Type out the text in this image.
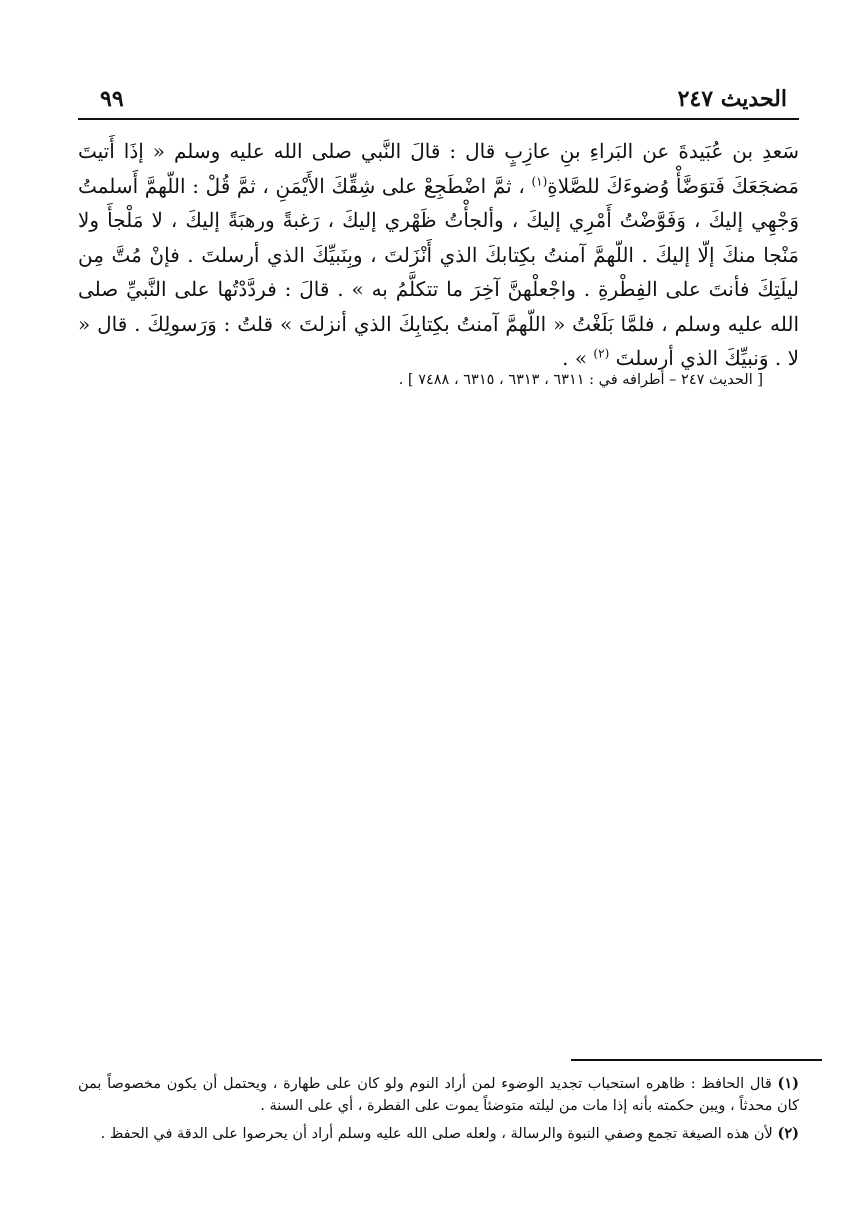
الحديث ٢٤٧
٩٩

سَعدِ بن عُبَيدةَ عن البَراءِ بنِ عازِبٍ قال : قالَ النَّبي صلى الله عليه وسلم « إذَا أَتيتَ مَضجَعَكَ فَتوَضَّأْ وُضوءَكَ للصَّلاةِ$^{(١)}$ ، ثمَّ اضْطَجِعْ على شِقِّكَ الأَيْمَنِ ، ثمَّ قُلْ : اللّهمَّ أَسلمتُ وَجْهِي إليكَ ، وَفَوَّضْتُ أَمْرِي إليكَ ، وألجأْتُ ظَهْري إليكَ ، رَغبةً ورهبَةً إليكَ ، لا مَلْجأَ ولا مَنْجا منكَ إلّا إليكَ . اللّهمَّ آمنتُ بكِتابكَ الذي أَنْزَلتَ ، وبِنَبيِّكَ الذي أرسلتَ . فإنْ مُتَّ مِن ليلَتِكَ فأنتَ على الفِطْرةِ . واجْعلْهنَّ آخِرَ ما تتكلَّمُ به » . قالَ : فردَّدْتُها على النَّبيِّ صلى الله عليه وسلم ، فلمَّا بَلَغْتُ « اللّهمَّ آمنتُ بكِتابِكَ الذي أنزلتَ » قلتُ : وَرَسولِكَ . قال « لا . وَنبيِّكَ الذي أرسلتَ $^{(٢)}$ » .

[ الحديث ٢٤٧ – أطرافه في : ٦٣١١ ، ٦٣١٣ ، ٦٣١٥ ، ٧٤٨٨ ] .

(١) قال الحافظ : ظاهره استحباب تجديد الوضوء لمن أراد النوم ولو كان على طهارة ، ويحتمل أن يكون مخصوصاً بمن كان محدثاً ، ويبن حكمته بأنه إذا مات من ليلته متوضئاً يموت على الفطرة ، أي على السنة .

(٢) لأن هذه الصيغة تجمع وصفي النبوة والرسالة ، ولعله صلى الله عليه وسلم أراد أن يحرصوا على الدقة في الحفظ .
